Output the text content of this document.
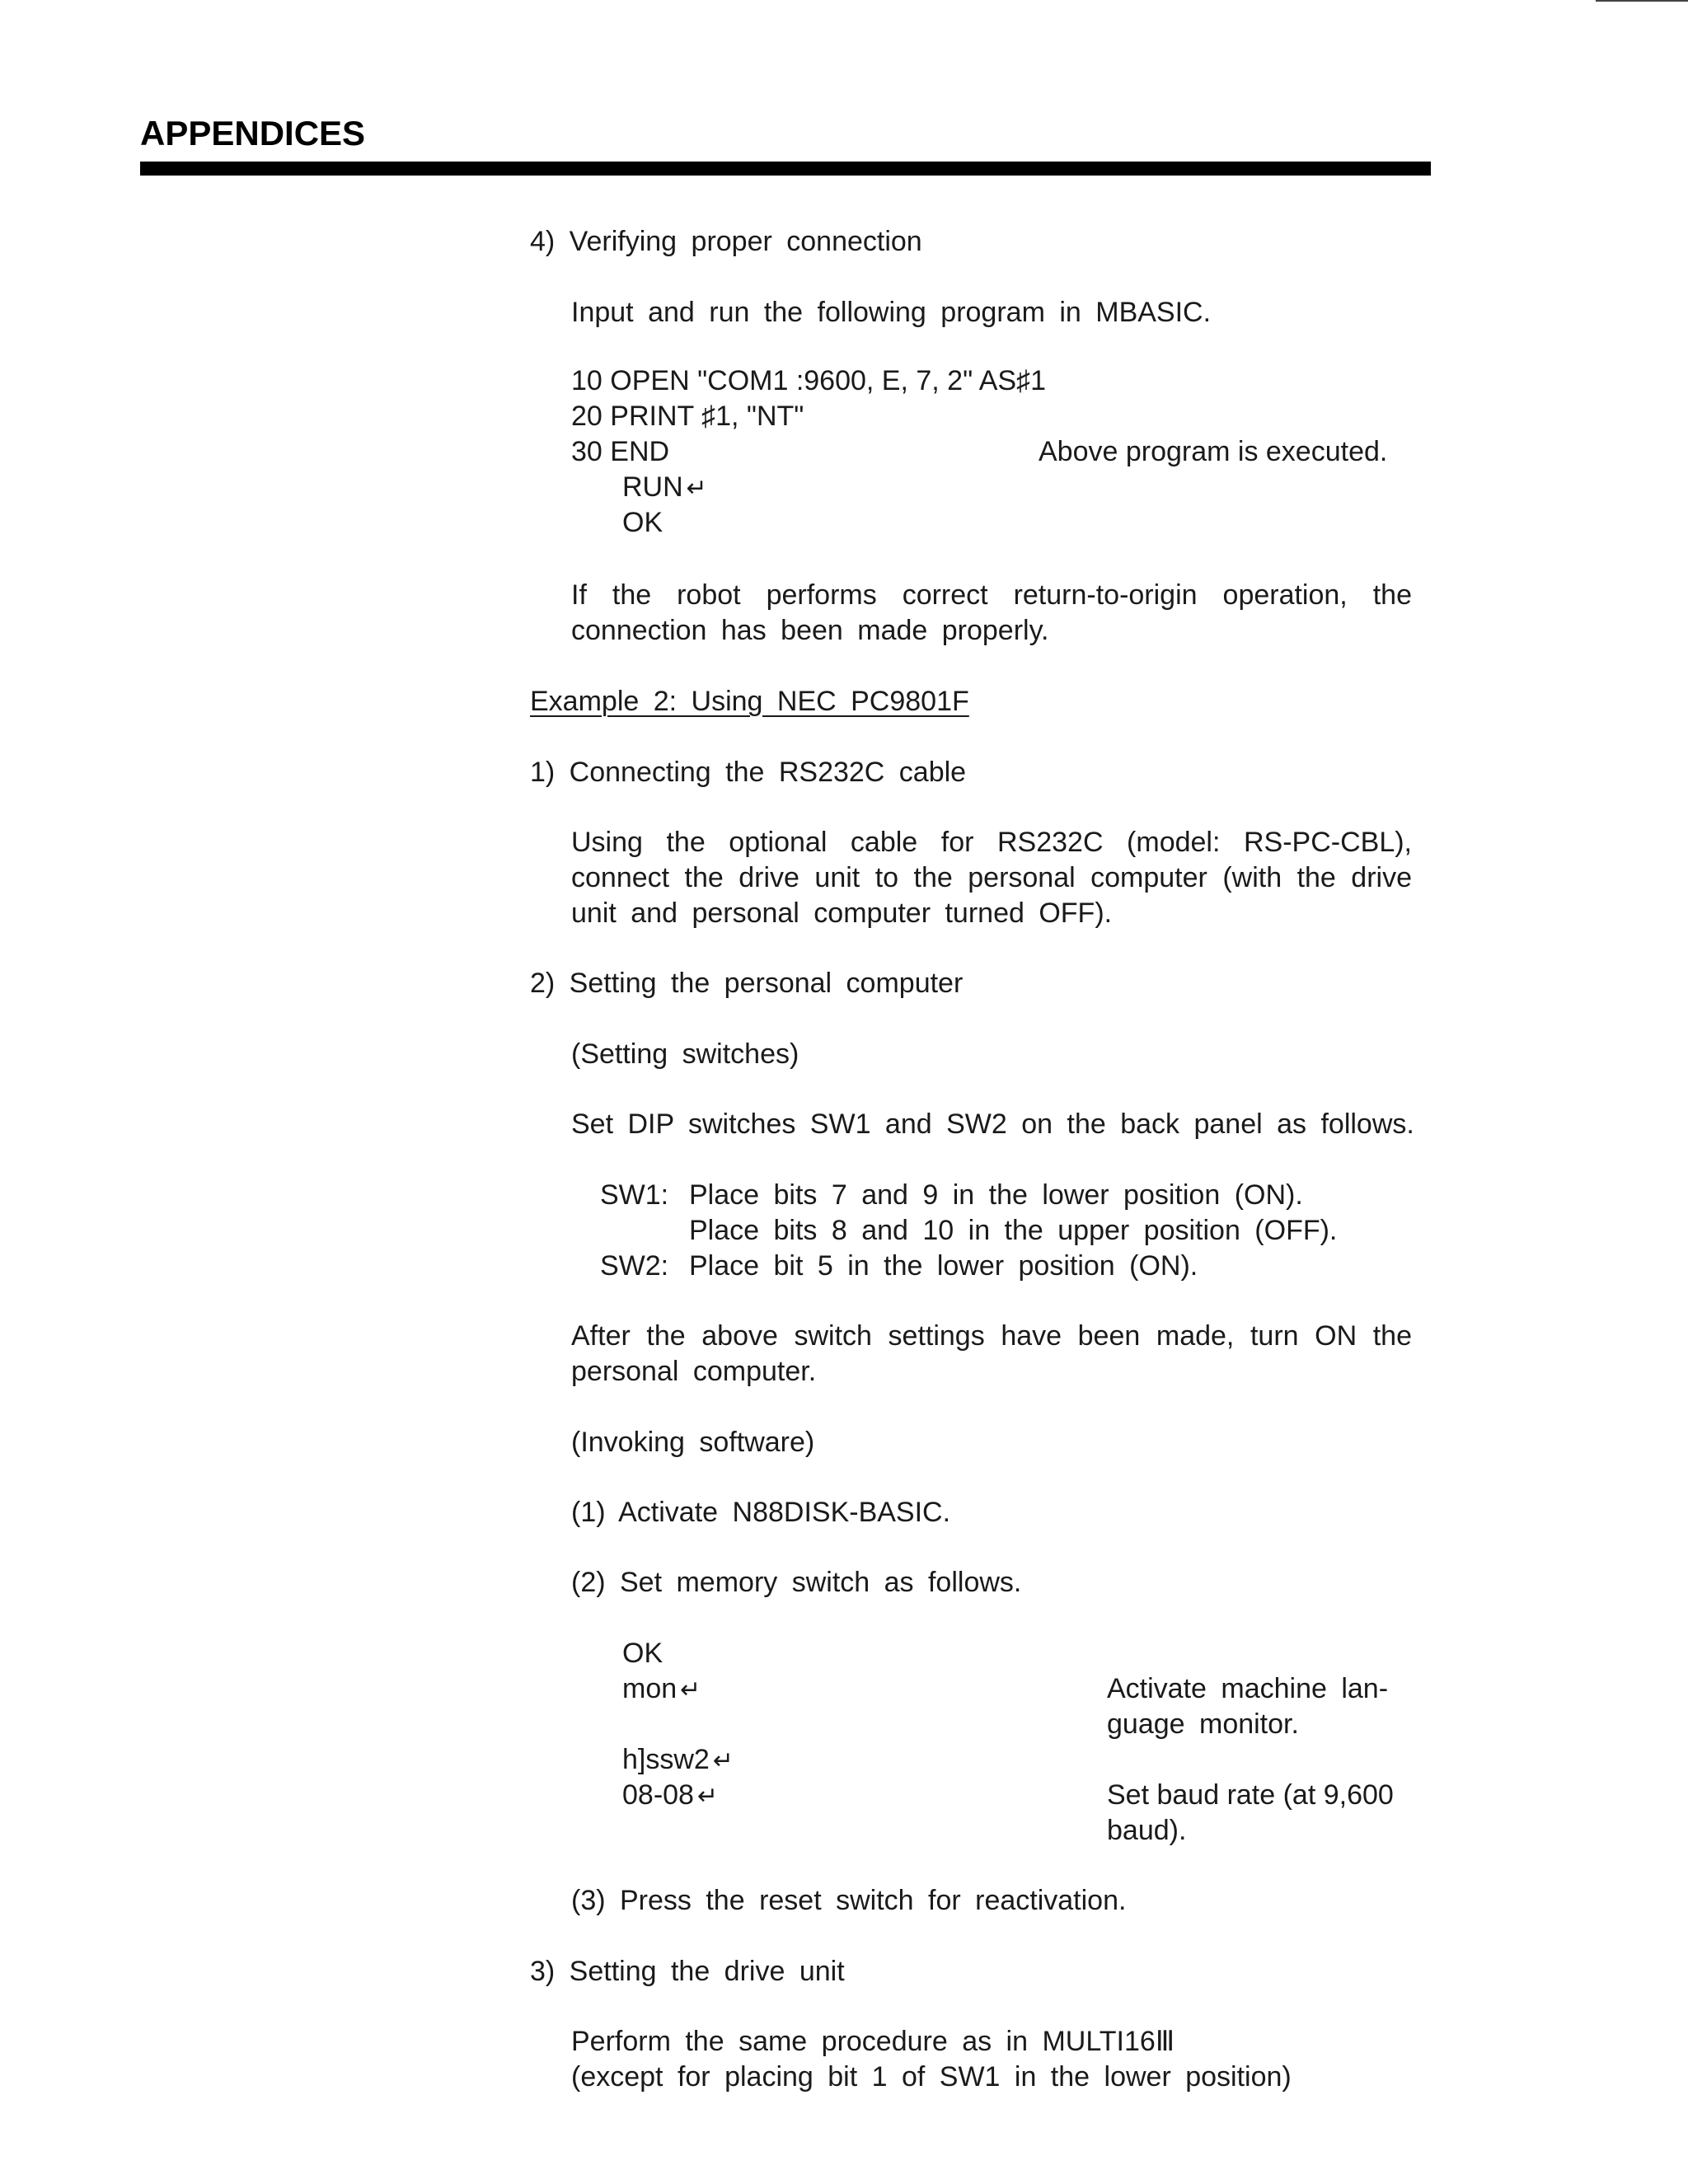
APPENDICES
4) Verifying proper connection
Input and run the following program in MBASIC.
10 OPEN "COM1 :9600, E, 7, 2" AS♯1
20 PRINT ♯1, "NT"
30 END	Above program is executed.
RUN ↵
OK
If the robot performs correct return-to-origin operation, the
connection has been made properly.
Example 2: Using NEC PC9801F
1) Connecting the RS232C cable
Using the optional cable for RS232C (model: RS-PC-CBL),
connect the drive unit to the personal computer (with the drive
unit and personal computer turned OFF).
2) Setting the personal computer
(Setting switches)
Set DIP switches SW1 and SW2 on the back panel as follows.
SW1: Place bits 7 and 9 in the lower position (ON).
Place bits 8 and 10 in the upper position (OFF).
SW2: Place bit 5 in the lower position (ON).
After the above switch settings have been made, turn ON the
personal computer.
(Invoking software)
(1) Activate N88DISK-BASIC.
(2) Set memory switch as follows.
OK
mon ↵	Activate machine lan-
guage monitor.
h]ssw2 ↵
08-08 ↵	Set baud rate (at 9,600
baud).
(3) Press the reset switch for reactivation.
3) Setting the drive unit
Perform the same procedure as in MULTI16Ⅲ
(except for placing bit 1 of SW1 in the lower position)
